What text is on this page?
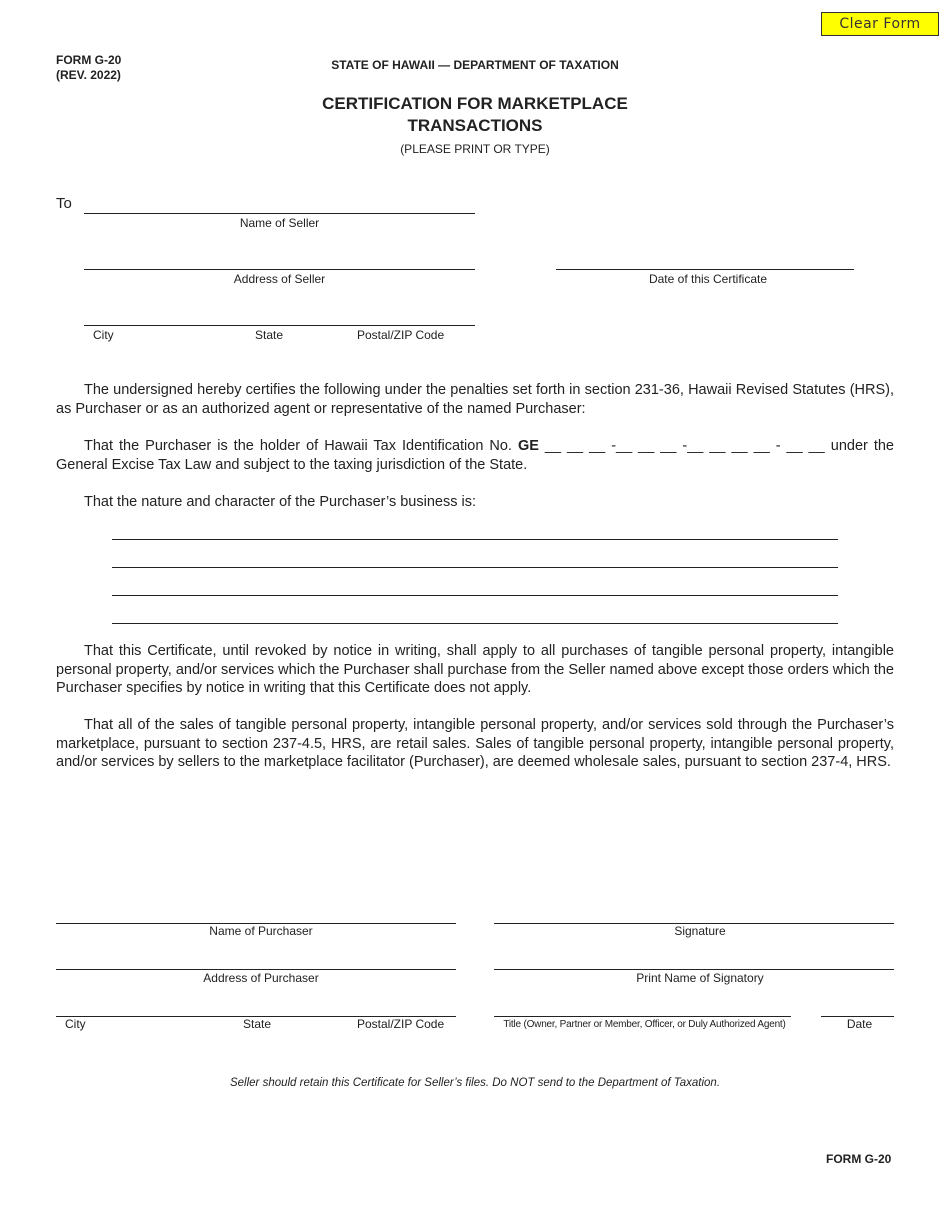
Clear Form
FORM G-20
(REV. 2022)
STATE OF HAWAII — DEPARTMENT OF TAXATION
CERTIFICATION FOR MARKETPLACE
TRANSACTIONS
(PLEASE PRINT OR TYPE)
To
Name of Seller
Address of Seller	Date of this Certificate
City	State	Postal/ZIP Code
The undersigned hereby certifies the following under the penalties set forth in section 231-36, Hawaii Revised Statutes (HRS), as Purchaser or as an authorized agent or representative of the named Purchaser:
That the Purchaser is the holder of Hawaii Tax Identification No. GE __ __ __ -__ __ __ -__ __ __ __ - __ __ under the General Excise Tax Law and subject to the taxing jurisdiction of the State.
That the nature and character of the Purchaser’s business is:
That this Certificate, until revoked by notice in writing, shall apply to all purchases of tangible personal property, intangible personal property, and/or services which the Purchaser shall purchase from the Seller named above except those orders which the Purchaser specifies by notice in writing that this Certificate does not apply.
That all of the sales of tangible personal property, intangible personal property, and/or services sold through the Purchaser’s marketplace, pursuant to section 237-4.5, HRS, are retail sales. Sales of tangible personal property, intangible personal property, and/or services by sellers to the marketplace facilitator (Purchaser), are deemed wholesale sales, pursuant to section 237-4, HRS.
Name of Purchaser	Signature
Address of Purchaser	Print Name of Signatory
City	State	Postal/ZIP Code	Title (Owner, Partner or Member, Officer, or Duly Authorized Agent)	Date
Seller should retain this Certificate for Seller’s files. Do NOT send to the Department of Taxation.
FORM G-20
